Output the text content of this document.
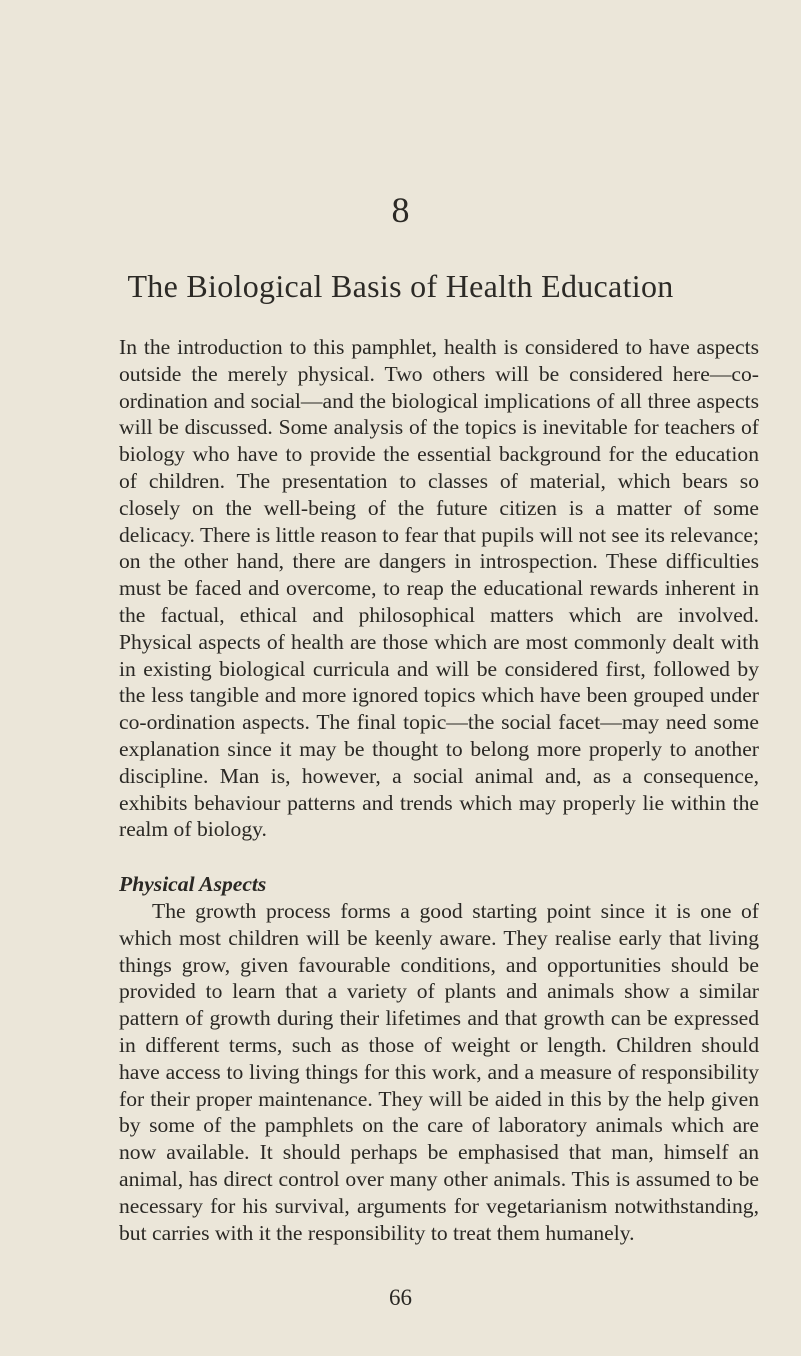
8
The Biological Basis of Health Education

In the introduction to this pamphlet, health is considered to have aspects outside the merely physical. Two others will be considered here—co-ordination and social—and the biological implications of all three aspects will be discussed. Some analysis of the topics is inevitable for teachers of biology who have to provide the essential background for the education of children. The presentation to classes of material, which bears so closely on the well-being of the future citizen is a matter of some delicacy. There is little reason to fear that pupils will not see its relevance; on the other hand, there are dangers in introspection. These difficulties must be faced and overcome, to reap the educational rewards inherent in the factual, ethical and philosophical matters which are involved. Physical aspects of health are those which are most commonly dealt with in existing biological curricula and will be considered first, followed by the less tangible and more ignored topics which have been grouped under co-ordination aspects. The final topic—the social facet—may need some explanation since it may be thought to belong more properly to another discipline. Man is, however, a social animal and, as a consequence, exhibits behaviour patterns and trends which may properly lie within the realm of biology.

Physical Aspects

The growth process forms a good starting point since it is one of which most children will be keenly aware. They realise early that living things grow, given favourable conditions, and opportunities should be provided to learn that a variety of plants and animals show a similar pattern of growth during their lifetimes and that growth can be expressed in different terms, such as those of weight or length. Children should have access to living things for this work, and a measure of responsibility for their proper maintenance. They will be aided in this by the help given by some of the pamphlets on the care of laboratory animals which are now available. It should perhaps be emphasised that man, himself an animal, has direct control over many other animals. This is assumed to be necessary for his survival, arguments for vegetarianism notwithstanding, but carries with it the responsibility to treat them humanely.

66
